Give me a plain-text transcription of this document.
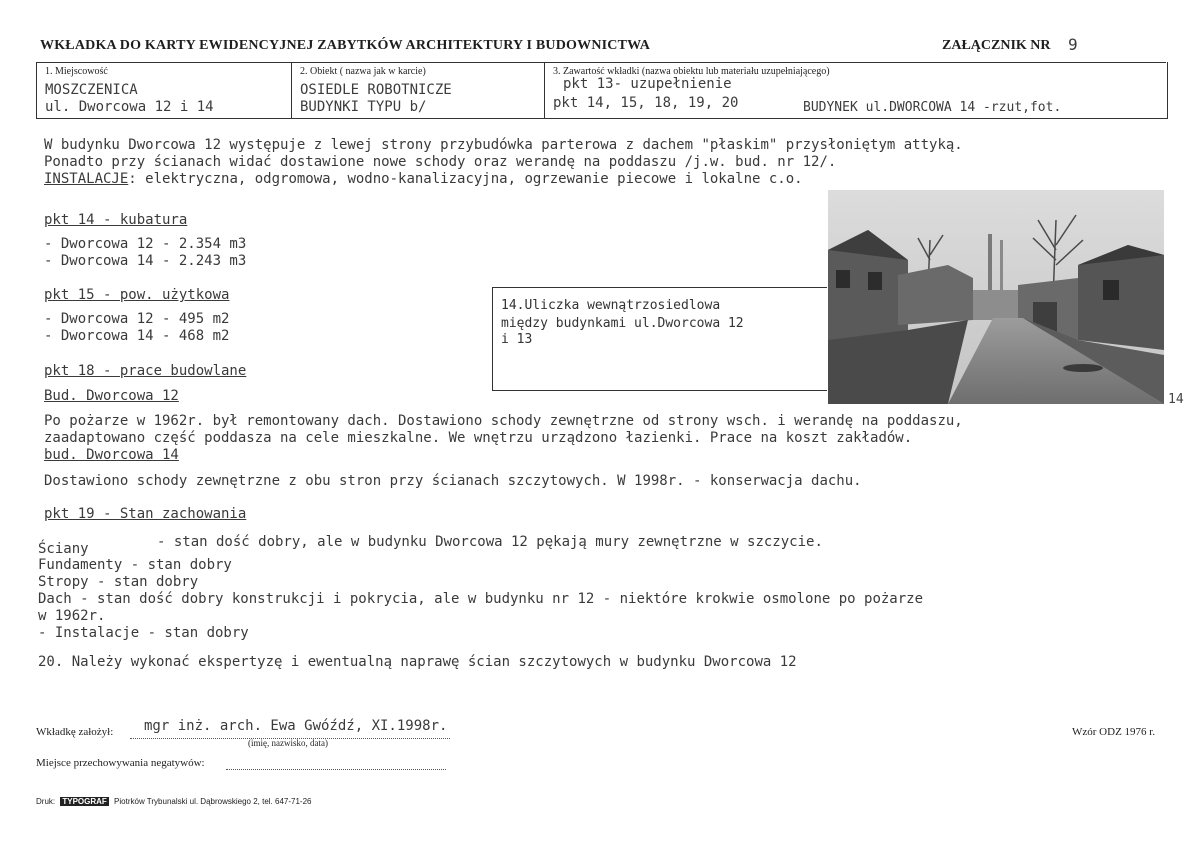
WKŁADKA DO KARTY EWIDENCYJNEJ ZABYTKÓW ARCHITEKTURY I BUDOWNICTWA	ZAŁĄCZNIK NR 9
1. Miejscowość
MOSZCZENICA
ul. Dworcowa 12 i 14
2. Obiekt ( nazwa jak w karcie)
OSIEDLE ROBOTNICZE
BUDYNKI TYPU b/
3. Zawartość wkładki (nazwa obiektu lub materiału uzupełniającego)
pkt 13- uzupełnienie
pkt 14, 15, 18, 19, 20	BUDYNEK ul.DWORCOWA 14 -rzut,fot.
W budynku Dworcowa 12 występuje z lewej strony przybudówka parterowa z dachem "płaskim" przysłoniętym attyką.
Ponadto przy ścianach widać dostawione nowe schody oraz werandę na poddaszu /j.w. bud. nr 12/.
INSTALACJE: elektryczna, odgromowa, wodno-kanalizacyjna, ogrzewanie piecowe i lokalne c.o.
pkt 14 - kubatura
- Dworcowa 12 - 2.354 m3
- Dworcowa 14 - 2.243 m3
pkt 15 - pow. użytkowa
- Dworcowa 12 - 495 m2
- Dworcowa 14 - 468 m2
pkt 18 - prace budowlane
Bud. Dworcowa 12
Po pożarze w 1962r. był remontowany dach. Dostawiono schody zewnętrzne od strony wsch. i werandę na poddaszu,
zaadaptowano część poddasza na cele mieszkalne. We wnętrzu urządzono łazienki. Prace na koszt zakładów.
bud. Dworcowa 14
Dostawiono schody zewnętrzne z obu stron przy ścianach szczytowych. W 1998r. - konserwacja dachu.
pkt 19 - Stan zachowania
- stan dość dobry, ale w budynku Dworcowa 12 pękają mury zewnętrzne w szczycie.
Ściany
Fundamenty - stan dobry
Stropy - stan dobry
Dach - stan dość dobry konstrukcji i pokrycia, ale w budynku nr 12 - niektóre krokwie osmolone po pożarze
w 1962r.
- Instalacje - stan dobry
20. Należy wykonać ekspertyzę i ewentualną naprawę ścian szczytowych w budynku Dworcowa 12
14.Uliczka wewnątrzosiedlowa
między budynkami ul.Dworcowa 12
i 13
14
Wkładkę założył: mgr inż. arch. Ewa Gwóźdź, XI.1998r.
(imię, nazwisko, data)
Wzór ODZ 1976 r.
Miejsce przechowywania negatywów:
Druk: TYPOGRAF Piotrków Trybunalski ul. Dąbrowskiego 2, tel. 647-71-26
